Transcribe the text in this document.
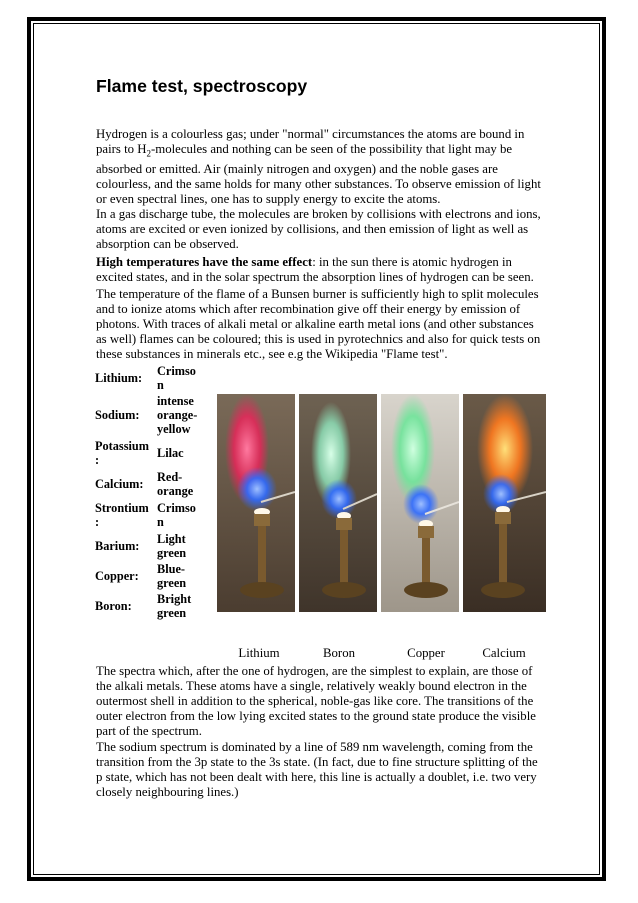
Flame test, spectroscopy

Hydrogen is a colourless gas; under "normal" circumstances the atoms are bound in pairs to $H_2$-molecules and nothing can be seen of the possibility that light may be absorbed or emitted. Air (mainly nitrogen and oxygen) and the noble gases are colourless, and the same holds for many other substances. To observe emission of light or even spectral lines, one has to supply energy to excite the atoms.
In a gas discharge tube, the molecules are broken by collisions with electrons and ions, atoms are excited or even ionized by collisions, and then emission of light as well as absorption can be observed.

High temperatures have the same effect: in the sun there is atomic hydrogen in excited states, and in the solar spectrum the absorption lines of hydrogen can be seen.

The temperature of the flame of a Bunsen burner is sufficiently high to split molecules and to ionize atoms which after recombination give off their energy by emission of photons. With traces of alkali metal or alkaline earth metal ions (and other substances as well) flames can be coloured; this is used in pyrotechnics and also for quick tests on these substances in minerals etc., see e.g the Wikipedia "Flame test".

Lithium:	Crimso
n
Sodium:	intense
orange-
yellow
Potassium
:	Lilac
Calcium:	Red-
orange
Strontium
:	Crimso
n
Barium:	Light
green
Copper:	Blue-
green
Boron:	Bright
green
Lithium	Boron	Copper	Calcium

The spectra which, after the one of hydrogen, are the simplest to explain, are those of the alkali metals. These atoms have a single, relatively weakly bound electron in the outermost shell in addition to the spherical, noble-gas like core. The transitions of the outer electron from the low lying excited states to the ground state produce the visible part of the spectrum.

The sodium spectrum is dominated by a line of 589 nm wavelength, coming from the transition from the 3p state to the 3s state. (In fact, due to fine structure splitting of the p state, which has not been dealt with here, this line is actually a doublet, i.e. two very closely neighbouring lines.)
